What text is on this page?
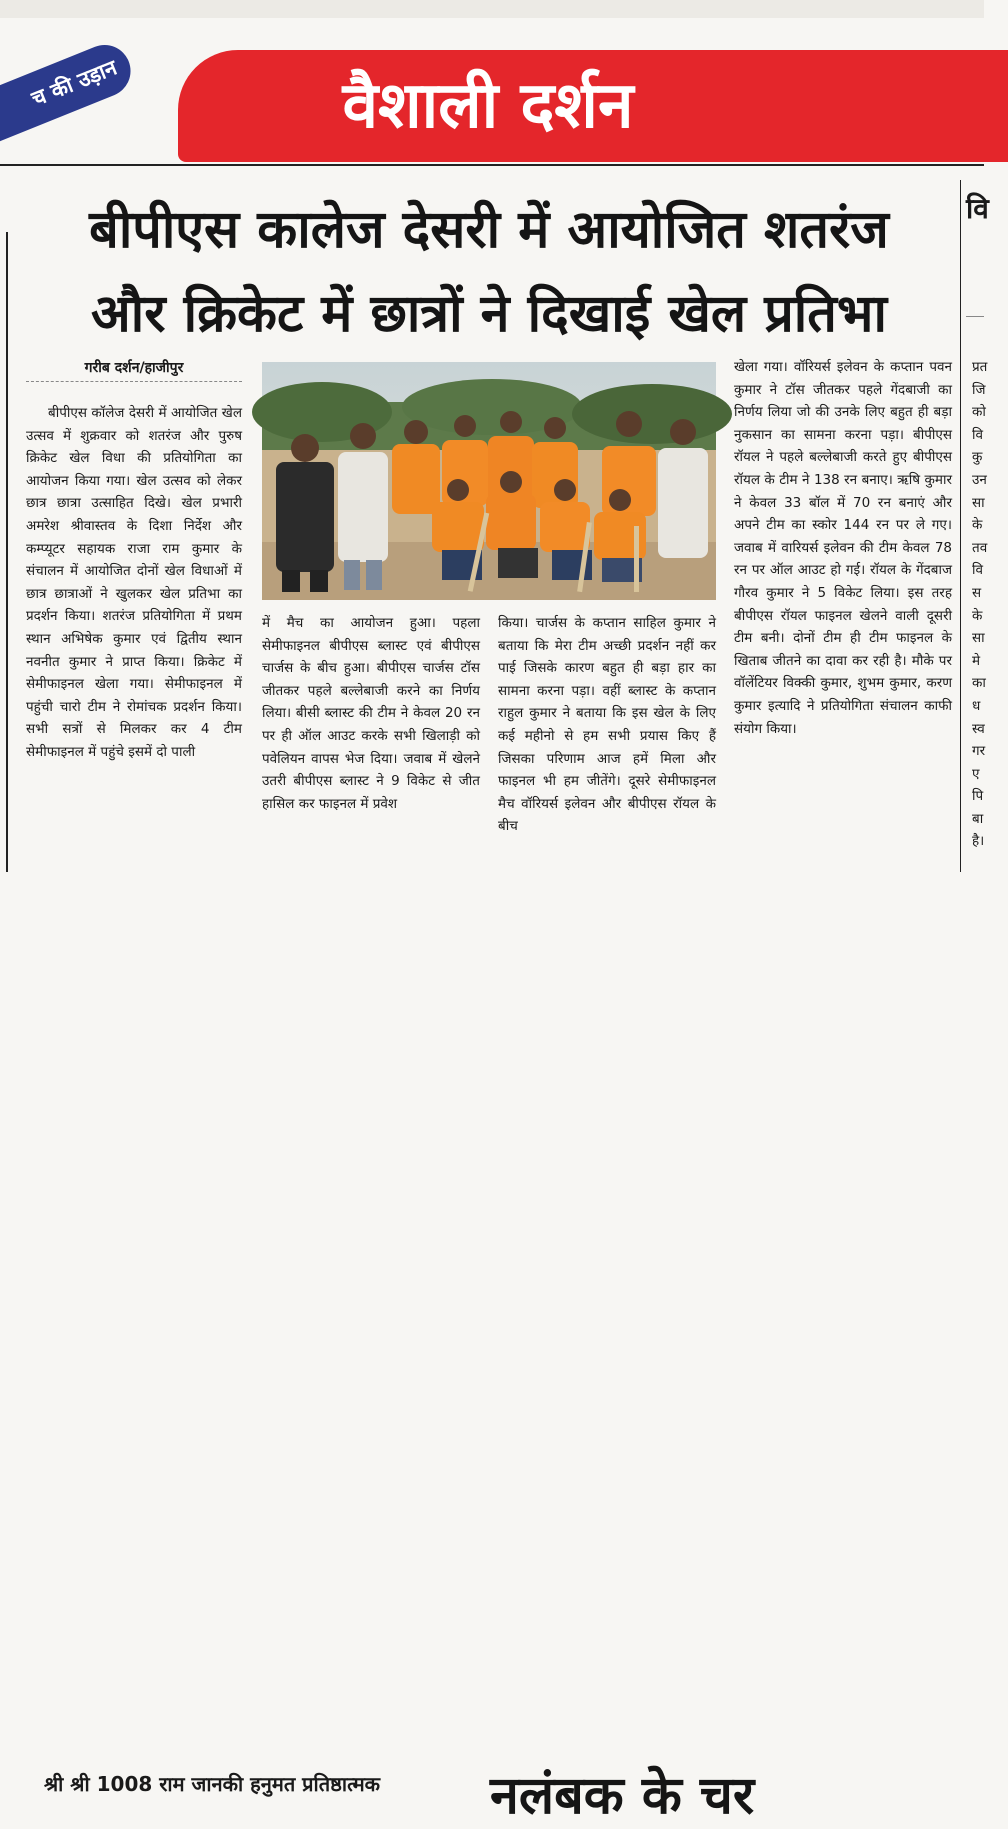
च की उड़ान	वैशाली दर्शन
बीपीएस कालेज देसरी में आयोजित शतरंज
और क्रिकेट में छात्रों ने दिखाई खेल प्रतिभा
गरीब दर्शन/हाजीपुर

बीपीएस कॉलेज देसरी में आयोजित खेल उत्सव में शुक्रवार को शतरंज और पुरुष क्रिकेट खेल विधा की प्रतियोगिता का आयोजन किया गया। खेल उत्सव को लेकर छात्र छात्रा उत्साहित दिखे। खेल प्रभारी अमरेश श्रीवास्तव के दिशा निर्देश और कम्प्यूटर सहायक राजा राम कुमार के संचालन में आयोजित दोनों खेल विधाओं में छात्र छात्राओं ने खुलकर खेल प्रतिभा का प्रदर्शन किया। शतरंज प्रतियोगिता में प्रथम स्थान अभिषेक कुमार एवं द्वितीय स्थान नवनीत कुमार ने प्राप्त किया। क्रिकेट में सेमीफाइनल खेला गया। सेमीफाइनल में पहुंची चारो टीम ने रोमांचक प्रदर्शन किया। सभी सत्रों से मिलकर कर 4 टीम सेमीफाइनल में पहुंचे इसमें दो पाली

में मैच का आयोजन हुआ। पहला सेमीफाइनल बीपीएस ब्लास्ट एवं बीपीएस चार्जस के बीच हुआ। बीपीएस चार्जस टॉस जीतकर पहले बल्लेबाजी करने का निर्णय लिया। बीसी ब्लास्ट की टीम ने केवल 20 रन पर ही ऑल आउट करके सभी खिलाड़ी को पवेलियन वापस भेज दिया। जवाब में खेलने उतरी बीपीएस ब्लास्ट ने 9 विकेट से जीत हासिल कर फाइनल में प्रवेश

किया। चार्जस के कप्तान साहिल कुमार ने बताया कि मेरा टीम अच्छी प्रदर्शन नहीं कर पाई जिसके कारण बहुत ही बड़ा हार का सामना करना पड़ा। वहीं ब्लास्ट के कप्तान राहुल कुमार ने बताया कि इस खेल के लिए कई महीनो से हम सभी प्रयास किए हैं जिसका परिणाम आज हमें मिला और फाइनल भी हम जीतेंगे। दूसरे सेमीफाइनल मैच वॉरियर्स इलेवन और बीपीएस रॉयल के बीच

खेला गया। वॉरियर्स इलेवन के कप्तान पवन कुमार ने टॉस जीतकर पहले गेंदबाजी का निर्णय लिया जो की उनके लिए बहुत ही बड़ा नुकसान का सामना करना पड़ा। बीपीएस रॉयल ने पहले बल्लेबाजी करते हुए बीपीएस रॉयल के टीम ने 138 रन बनाए। ऋषि कुमार ने केवल 33 बॉल में 70 रन बनाएं और अपने टीम का स्कोर 144 रन पर ले गए। जवाब में वारियर्स इलेवन की टीम केवल 78 रन पर ऑल आउट हो गई। रॉयल के गेंदबाज गौरव कुमार ने 5 विकेट लिया। इस तरह बीपीएस रॉयल फाइनल खेलने वाली दूसरी टीम बनी। दोनों टीम ही टीम फाइनल के खिताब जीतने का दावा कर रही है। मौके पर वॉलेंटियर विक्की कुमार, शुभम कुमार, करण कुमार इत्यादि ने प्रतियोगिता संचालन काफी संयोग किया।

वि
प्रत
जि
को
वि
कु
उन
सा
के
तव
वि
स
के
सा
मे
का
ध
स्व
गर
ए
पि
बा
है।
श्री श्री 1008 राम जानकी हनुमत प्रतिष्ठात्मक नलंबक के चर
